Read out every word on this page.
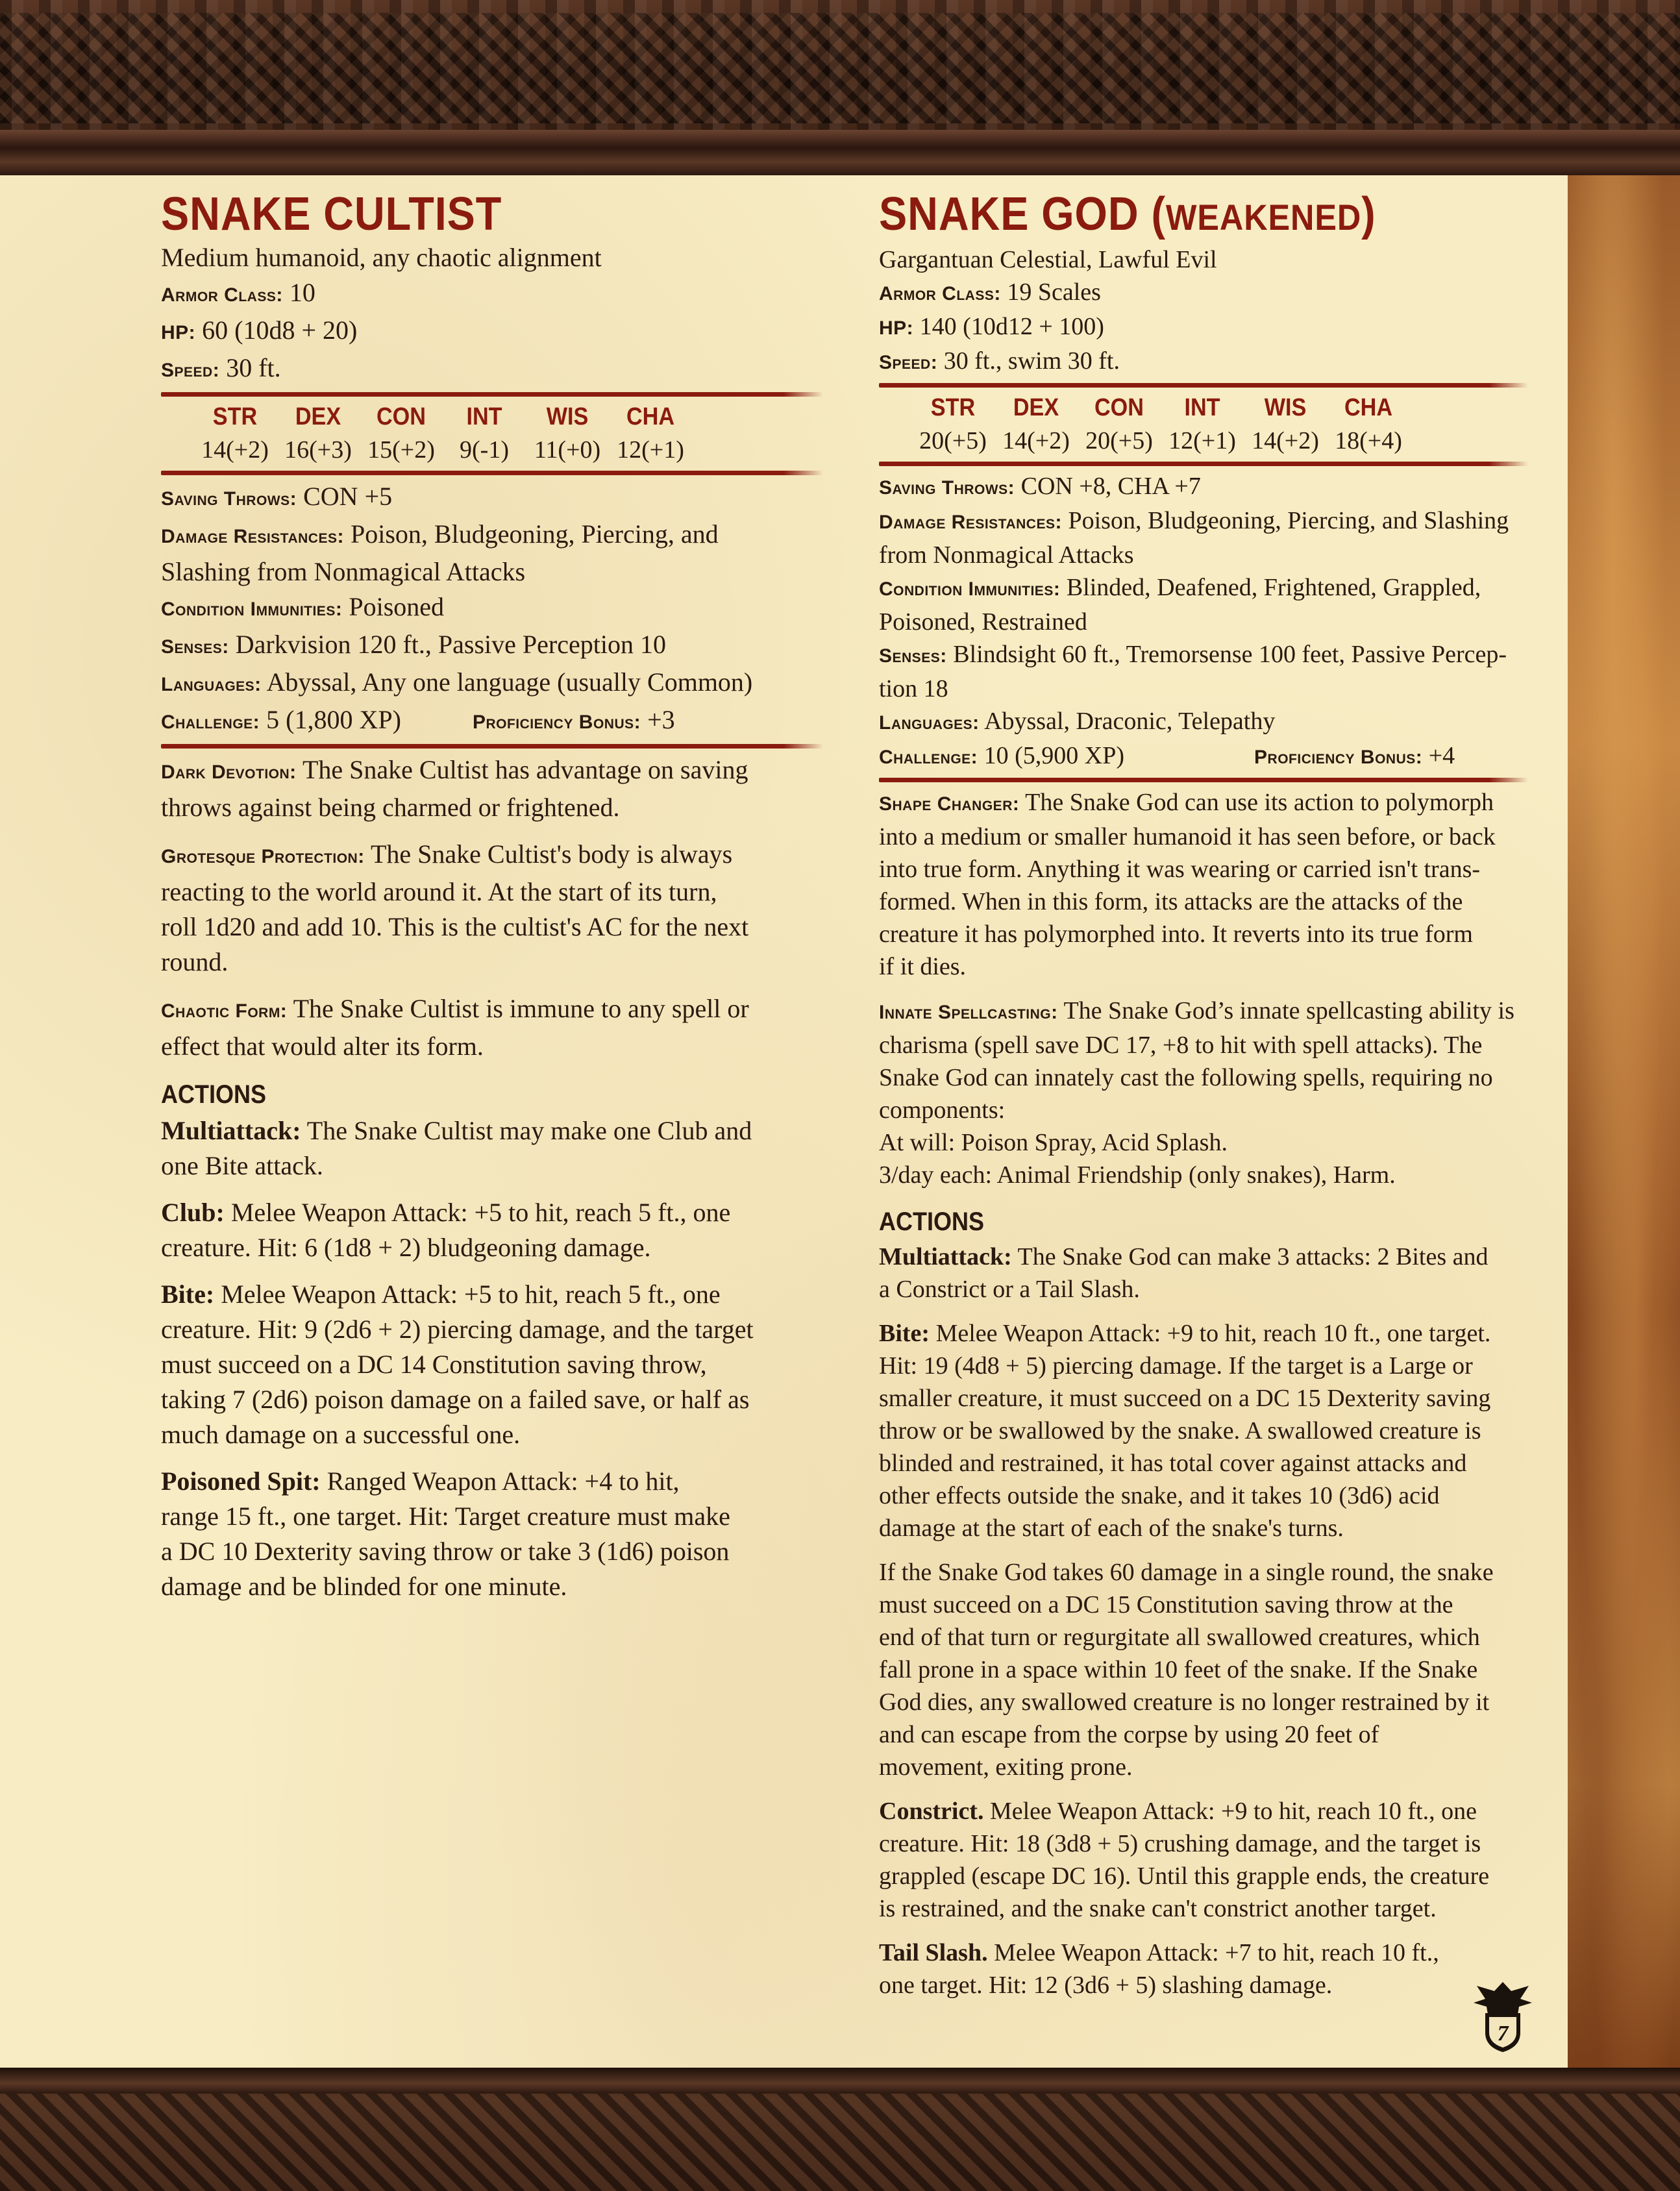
SNAKE CULTIST

Medium humanoid, any chaotic alignment

Armor Class: 10

HP: 60 (10d8 + 20)

Speed: 30 ft.

STR
14(+2)
DEX
16(+3)
CON
15(+2)
INT
9(-1)
WIS
11(+0)
CHA
12(+1)

Saving Throws: CON +5

Damage Resistances: Poison, Bludgeoning, Piercing, and

Slashing from Nonmagical Attacks

Condition Immunities: Poisoned

Senses: Darkvision 120 ft., Passive Perception 10

Languages: Abyssal, Any one language (usually Common)

Challenge: 5 (1,800 XP)	Proficiency Bonus: +3

Dark Devotion: The Snake Cultist has advantage on saving

throws against being charmed or frightened.

Grotesque Protection: The Snake Cultist's body is always

reacting to the world around it. At the start of its turn,

roll 1d20 and add 10. This is the cultist's AC for the next

round.

Chaotic Form: The Snake Cultist is immune to any spell or

effect that would alter its form.

ACTIONS

Multiattack: The Snake Cultist may make one Club and

one Bite attack.

Club: Melee Weapon Attack: +5 to hit, reach 5 ft., one

creature. Hit: 6 (1d8 + 2) bludgeoning damage.

Bite: Melee Weapon Attack: +5 to hit, reach 5 ft., one

creature. Hit: 9 (2d6 + 2) piercing damage, and the target

must succeed on a DC 14 Constitution saving throw,

taking 7 (2d6) poison damage on a failed save, or half as

much damage on a successful one.

Poisoned Spit: Ranged Weapon Attack: +4 to hit,

range 15 ft., one target. Hit: Target creature must make

a DC 10 Dexterity saving throw or take 3 (1d6) poison

damage and be blinded for one minute.

SNAKE GOD (WEAKENED)

Gargantuan Celestial, Lawful Evil

Armor Class: 19 Scales

HP: 140 (10d12 + 100)

Speed: 30 ft., swim 30 ft.

STR
20(+5)
DEX
14(+2)
CON
20(+5)
INT
12(+1)
WIS
14(+2)
CHA
18(+4)

Saving Throws: CON +8, CHA +7

Damage Resistances: Poison, Bludgeoning, Piercing, and Slashing

from Nonmagical Attacks

Condition Immunities: Blinded, Deafened, Frightened, Grappled,

Poisoned, Restrained

Senses: Blindsight 60 ft., Tremorsense 100 feet, Passive Percep-

tion 18

Languages: Abyssal, Draconic, Telepathy

Challenge: 10 (5,900 XP)	Proficiency Bonus: +4

Shape Changer: The Snake God can use its action to polymorph

into a medium or smaller humanoid it has seen before, or back

into true form. Anything it was wearing or carried isn't trans-

formed. When in this form, its attacks are the attacks of the

creature it has polymorphed into. It reverts into its true form

if it dies.

Innate Spellcasting: The Snake God’s innate spellcasting ability is

charisma (spell save DC 17, +8 to hit with spell attacks). The

Snake God can innately cast the following spells, requiring no

components:

At will: Poison Spray, Acid Splash.

3/day each: Animal Friendship (only snakes), Harm.

ACTIONS

Multiattack: The Snake God can make 3 attacks: 2 Bites and

a Constrict or a Tail Slash.

Bite: Melee Weapon Attack: +9 to hit, reach 10 ft., one target.

Hit: 19 (4d8 + 5) piercing damage. If the target is a Large or

smaller creature, it must succeed on a DC 15 Dexterity saving

throw or be swallowed by the snake. A swallowed creature is

blinded and restrained, it has total cover against attacks and

other effects outside the snake, and it takes 10 (3d6) acid

damage at the start of each of the snake's turns.

If the Snake God takes 60 damage in a single round, the snake

must succeed on a DC 15 Constitution saving throw at the

end of that turn or regurgitate all swallowed creatures, which

fall prone in a space within 10 feet of the snake. If the Snake

God dies, any swallowed creature is no longer restrained by it

and can escape from the corpse by using 20 feet of

movement, exiting prone.

Constrict. Melee Weapon Attack: +9 to hit, reach 10 ft., one

creature. Hit: 18 (3d8 + 5) crushing damage, and the target is

grappled (escape DC 16). Until this grapple ends, the creature

is restrained, and the snake can't constrict another target.

Tail Slash. Melee Weapon Attack: +7 to hit, reach 10 ft.,

one target. Hit: 12 (3d6 + 5) slashing damage.

7
